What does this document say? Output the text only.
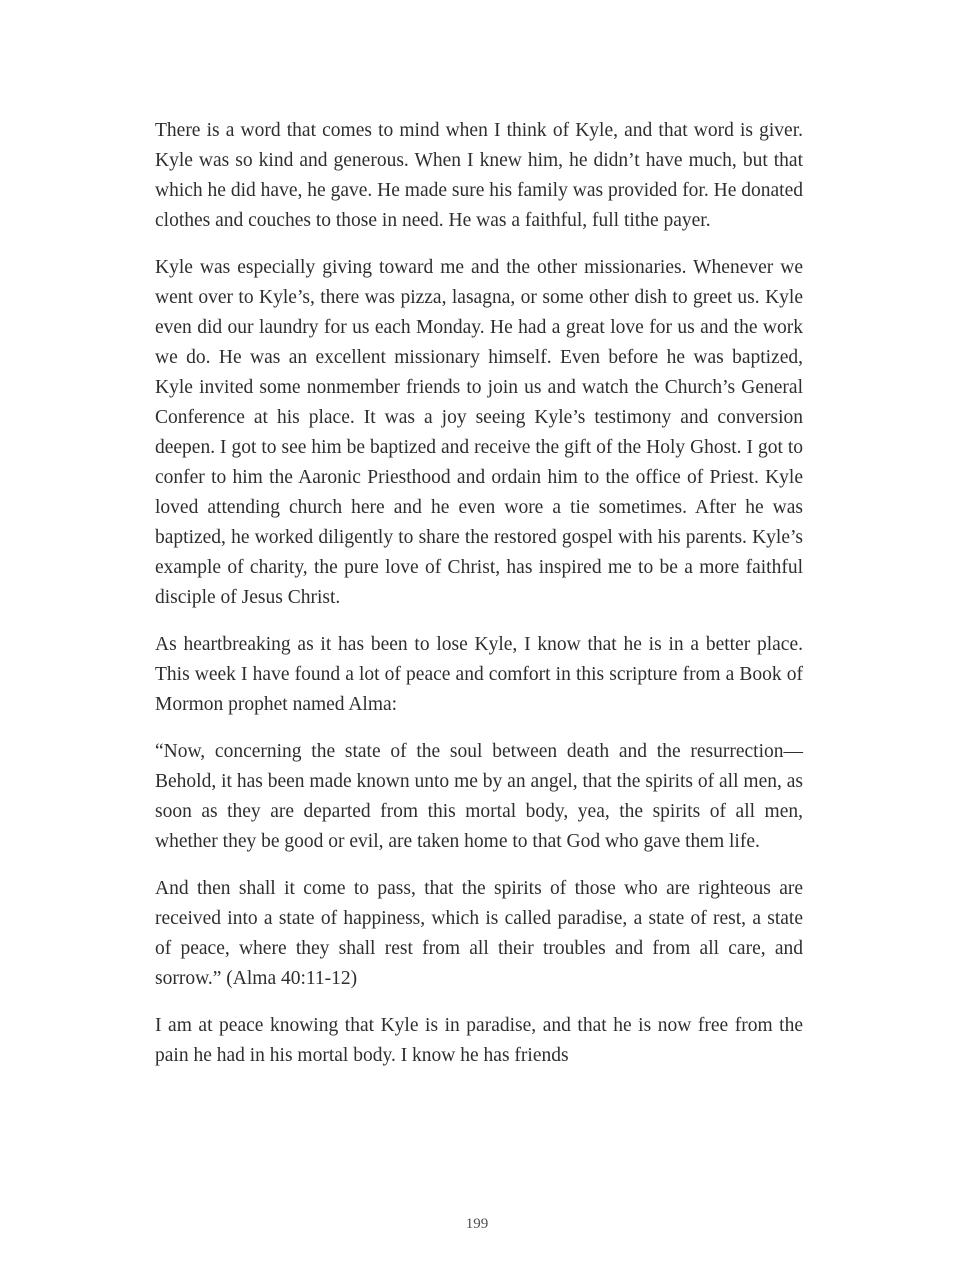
There is a word that comes to mind when I think of Kyle, and that word is giver. Kyle was so kind and generous. When I knew him, he didn’t have much, but that which he did have, he gave. He made sure his family was provided for. He donated clothes and couches to those in need. He was a faithful, full tithe payer.

Kyle was especially giving toward me and the other missionaries. Whenever we went over to Kyle’s, there was pizza, lasagna, or some other dish to greet us. Kyle even did our laundry for us each Monday. He had a great love for us and the work we do. He was an excellent missionary himself. Even before he was baptized, Kyle invited some nonmember friends to join us and watch the Church’s General Conference at his place. It was a joy seeing Kyle’s testimony and conversion deepen. I got to see him be baptized and receive the gift of the Holy Ghost. I got to confer to him the Aaronic Priesthood and ordain him to the office of Priest. Kyle loved attending church here and he even wore a tie sometimes. After he was baptized, he worked diligently to share the restored gospel with his parents. Kyle’s example of charity, the pure love of Christ, has inspired me to be a more faithful disciple of Jesus Christ.

As heartbreaking as it has been to lose Kyle, I know that he is in a better place. This week I have found a lot of peace and comfort in this scripture from a Book of Mormon prophet named Alma:

“Now, concerning the state of the soul between death and the resurrection—Behold, it has been made known unto me by an angel, that the spirits of all men, as soon as they are departed from this mortal body, yea, the spirits of all men, whether they be good or evil, are taken home to that God who gave them life.

And then shall it come to pass, that the spirits of those who are righteous are received into a state of happiness, which is called paradise, a state of rest, a state of peace, where they shall rest from all their troubles and from all care, and sorrow.” (Alma 40:11-12)

I am at peace knowing that Kyle is in paradise, and that he is now free from the pain he had in his mortal body. I know he has friends

199
